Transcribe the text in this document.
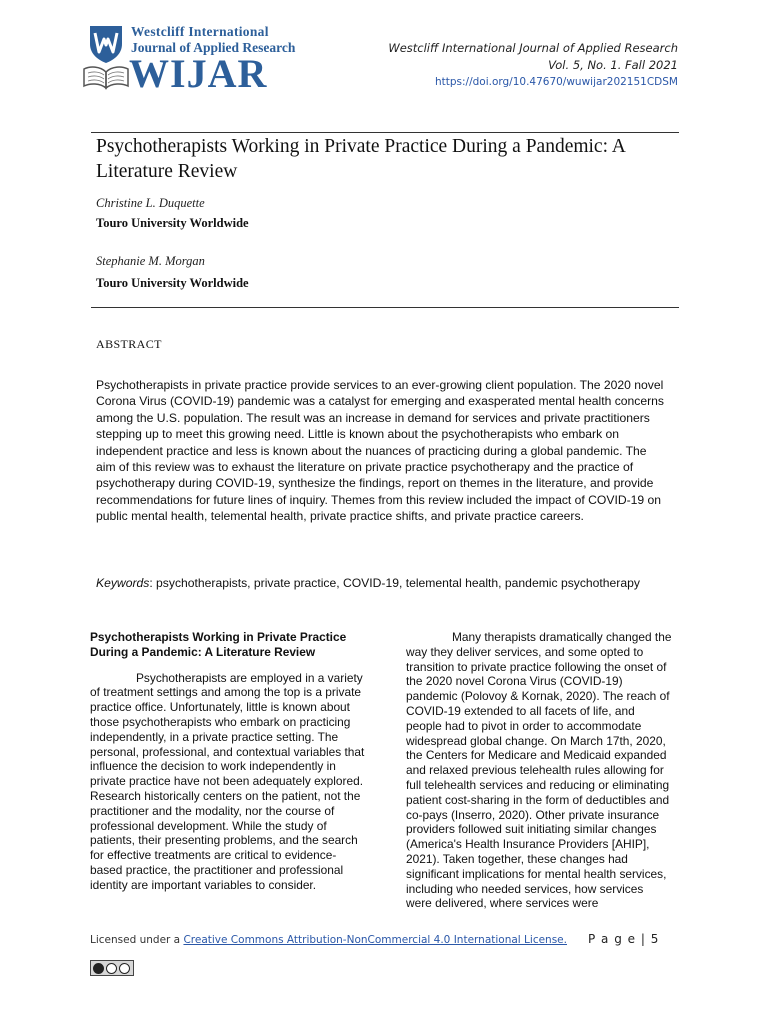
Westcliff International
Journal of Applied Research
WIJAR
Westcliff International Journal of Applied Research
Vol. 5, No. 1. Fall 2021
https://doi.org/10.47670/wuwijar202151CDSM
Psychotherapists Working in Private Practice During a Pandemic: A Literature Review
Christine L. Duquette
Touro University Worldwide
Stephanie M. Morgan
Touro University Worldwide
ABSTRACT

Psychotherapists in private practice provide services to an ever-growing client population. The 2020 novel Corona Virus (COVID-19) pandemic was a catalyst for emerging and exasperated mental health concerns among the U.S. population. The result was an increase in demand for services and private practitioners stepping up to meet this growing need. Little is known about the psychotherapists who embark on independent practice and less is known about the nuances of practicing during a global pandemic. The aim of this review was to exhaust the literature on private practice psychotherapy and the practice of psychotherapy during COVID-19, synthesize the findings, report on themes in the literature, and provide recommendations for future lines of inquiry. Themes from this review included the impact of COVID-19 on public mental health, telemental health, private practice shifts, and private practice careers.

Keywords: psychotherapists, private practice, COVID-19, telemental health, pandemic psychotherapy
Psychotherapists Working in Private Practice During a Pandemic: A Literature Review

Psychotherapists are employed in a variety of treatment settings and among the top is a private practice office. Unfortunately, little is known about those psychotherapists who embark on practicing independently, in a private practice setting. The personal, professional, and contextual variables that influence the decision to work independently in private practice have not been adequately explored. Research historically centers on the patient, not the practitioner and the modality, nor the course of professional development. While the study of patients, their presenting problems, and the search for effective treatments are critical to evidence-based practice, the practitioner and professional identity are important variables to consider.

Many therapists dramatically changed the way they deliver services, and some opted to transition to private practice following the onset of the 2020 novel Corona Virus (COVID-19) pandemic (Polovoy & Kornak, 2020). The reach of COVID-19 extended to all facets of life, and people had to pivot in order to accommodate widespread global change. On March 17th, 2020, the Centers for Medicare and Medicaid expanded and relaxed previous telehealth rules allowing for full telehealth services and reducing or eliminating patient cost-sharing in the form of deductibles and co-pays (Inserro, 2020). Other private insurance providers followed suit initiating similar changes (America's Health Insurance Providers [AHIP], 2021). Taken together, these changes had significant implications for mental health services, including who needed services, how services were delivered, where services were

Licensed under a Creative Commons Attribution-NonCommercial 4.0 International License. P a g e | 5
